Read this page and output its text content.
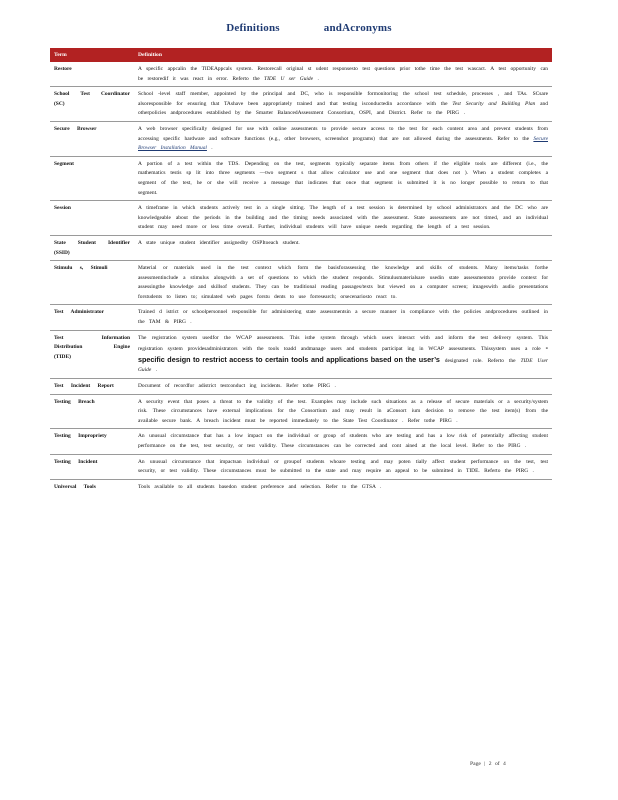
Definitions	andAcronyms
Term	Definition
Restore	A specific appcalin the TIDEAppcals system. Restorecall original st udent responsesto test questions prior tothe time the test wascact. A test opportunity can be restoredif it was react in error. Referto the TIDE U ser Guide .
School Test Coordinator (SC)	School -level staff member, appointed by the principal and DC, who is responsible formonitoring the school test schedule, processes , and TAs. SCsare alsoresponsible for ensuring that TAshave been appropriately trained and that testing isconductedin accordance with the Test Security and Building Plan and otherpolicies andprocedures established by the Smarter BalancedAssessment Consortium, OSPI, and District. Refer to the PIRG .
Secure Browser	A web browser specifically designed for use with online assessments to provide secure access to the test for each content area and prevent students from accessing specific hardware and software functions (e.g., other browsers, screenshot programs) that are not allowed during the assessments. Refer to the Secure Browser Installation Manual .
Segment	A portion of a test within the TDS. Depending on the test, segments typically separate items from others if the eligible tools are different (i.e., the mathematics testis sp lit into three segments —two segment s that allow calculator use and one segment that does not ). When a student completes a segment of the test, he or she will receive a message that indicates that once that segment is submitted it is no longer possible to return to that segment.
Session	A timeframe in which students actively test in a single sitting. The length of a test session is determined by school administrators and the DC who are knowledgeable about the periods in the building and the timing needs associated with the assessment. State assessments are not timed, and an individual student may need more or less time overall. Further, individual students will have unique needs regarding the length of a test session.
State Student Identifier (SSID)	A state unique student identifier assignedby OSPItoeach student.
Stimulu s, Stimuli	Material or materials used in the test context which form the basisforassessing the knowledge and skills of students. Many items/tasks forthe assessmentinclude a stimulus alongwith a set of questions to which the student responds. Stimulusmaterialsare usedin state assessmentsto provide context for assessingthe knowledge and skillsof students. They can be traditional reading passages/texts but viewed on a computer screen; imageswith audio presentations forstudents to listen to; simulated web pages forstu dents to use forresearch; orsecenariosto react to.
Test Administrator	Trained d istrict or schoolpersonnel responsible for administering state assessmentsin a secure manner in compliance with the policies andprocedures outlined in the TAM & PIRG .
Test Information Distribution Engine (TIDE)	The registration system usedfor the WCAP assessments. This isthe system through which users interact with and inform the test delivery system. This registration system providesadministrators with the tools toadd andmanage users and students participat ing in WCAP assessments. Thissystem uses a role - specific design to restrict access to certain tools and applications based on the user’s designated role. Referto the TIDE User Guide .
Test Incident Report	Document of recordfor adistrict testconduct ing incidents. Refer tothe PIRG .
Testing Breach	A security event that poses a threat to the validity of the test. Examples may include such situations as a release of secure materials or a security/system risk. These circumstances have external implications for the Consortium and may result in aConsort ium decision to remove the test item(s) from the available secure bank. A breach incident must be reported immediately to the State Test Coordinator . Refer tothe PIRG .
Testing Impropriety	An unusual circumstance that has a low impact on the individual or group of students who are testing and has a low risk of potentially affecting student performance on the test, test security, or test validity. These circumstances can be corrected and cont ained at the local level. Refer to the PIRG .
Testing Incident	An unusual circumstance that impactsan individual or groupof students whoare testing and may poten tially affect student performance on the test, test security, or test validity. These circumstances must be submitted to the state and may require an appeal to be submitted in TIDE. Referto the PIRG .
Universal Tools	Tools available to all students basedon student preference and selection. Refer to the GTSA .
Page | 2 of 4
